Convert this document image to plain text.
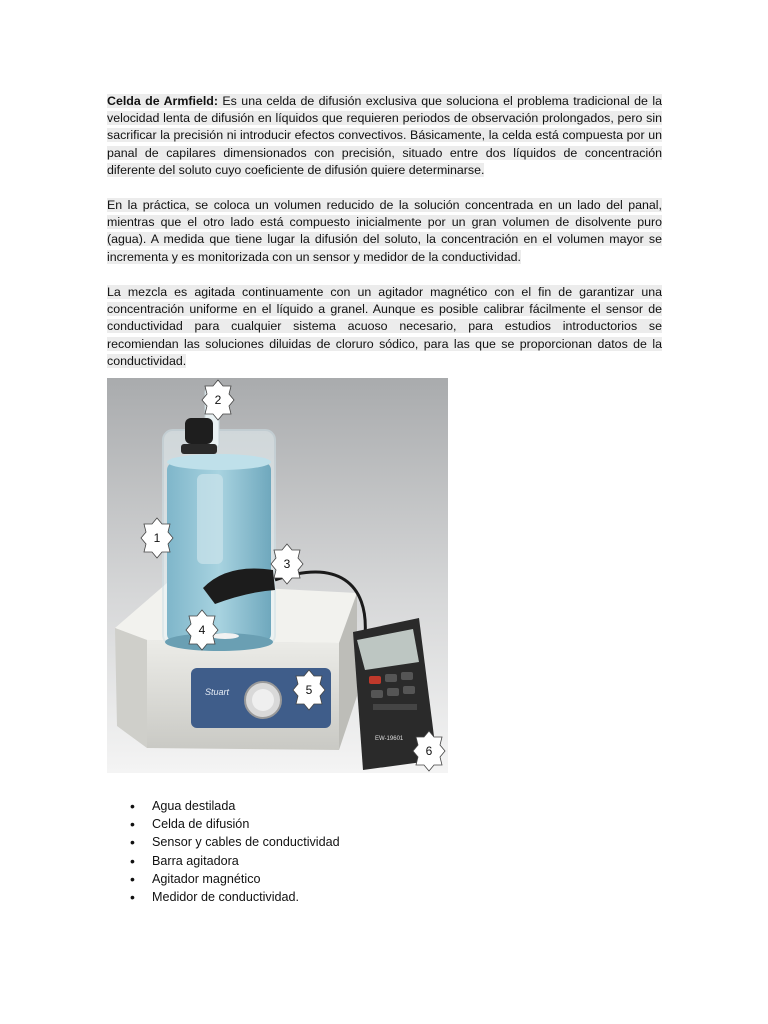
Celda de Armfield: Es una celda de difusión exclusiva que soluciona el problema tradicional de la velocidad lenta de difusión en líquidos que requieren periodos de observación prolongados, pero sin sacrificar la precisión ni introducir efectos convectivos. Básicamente, la celda está compuesta por un panal de capilares dimensionados con precisión, situado entre dos líquidos de concentración diferente del soluto cuyo coeficiente de difusión quiere determinarse.

En la práctica, se coloca un volumen reducido de la solución concentrada en un lado del panal, mientras que el otro lado está compuesto inicialmente por un gran volumen de disolvente puro (agua). A medida que tiene lugar la difusión del soluto, la concentración en el volumen mayor se incrementa y es monitorizada con un sensor y medidor de la conductividad.

La mezcla es agitada continuamente con un agitador magnético con el fin de garantizar una concentración uniforme en el líquido a granel. Aunque es posible calibrar fácilmente el sensor de conductividad para cualquier sistema acuoso necesario, para estudios introductorios se recomiendan las soluciones diluidas de cloruro sódico, para las que se proporcionan datos de la conductividad.

Stuart
EW-19601
1
2
3
4
5
6
• Agua destilada
• Celda de difusión
• Sensor y cables de conductividad
• Barra agitadora
• Agitador magnético
• Medidor de conductividad.
